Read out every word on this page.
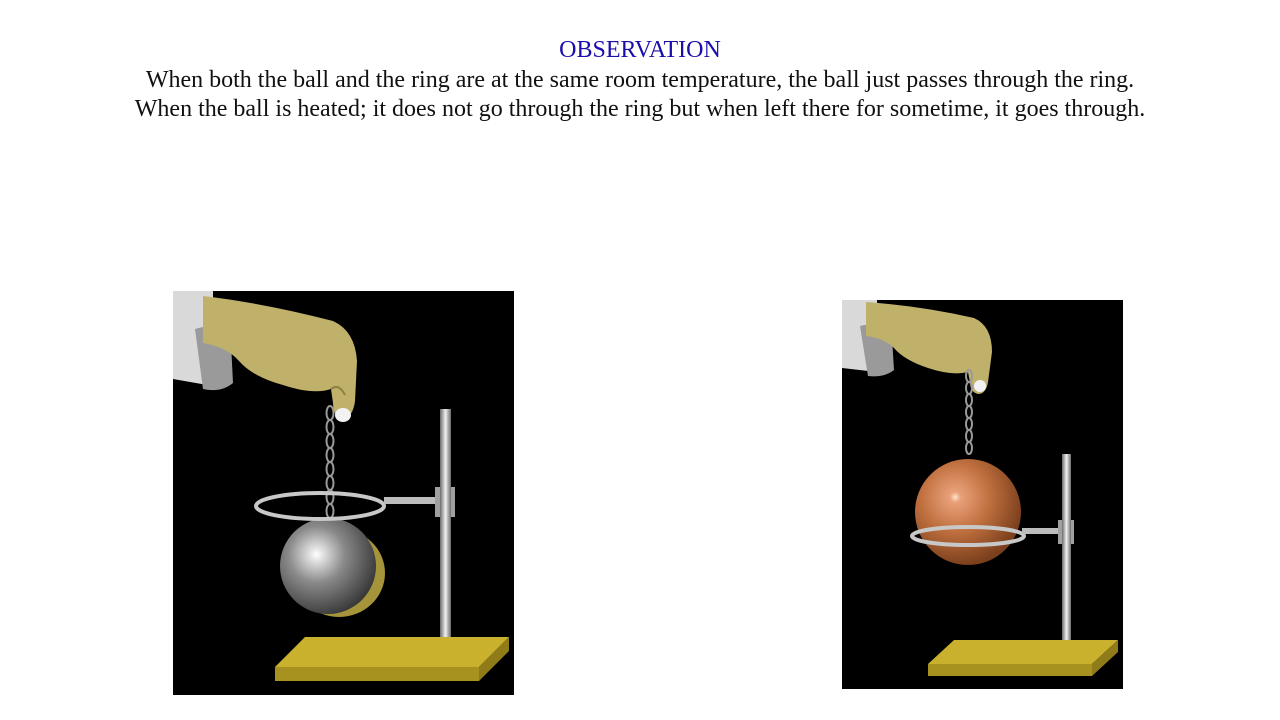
OBSERVATION
When both the ball and the ring are at the same room temperature, the ball just passes through the ring.
When the ball is heated; it does not go through the ring but when left there for sometime, it goes through.
